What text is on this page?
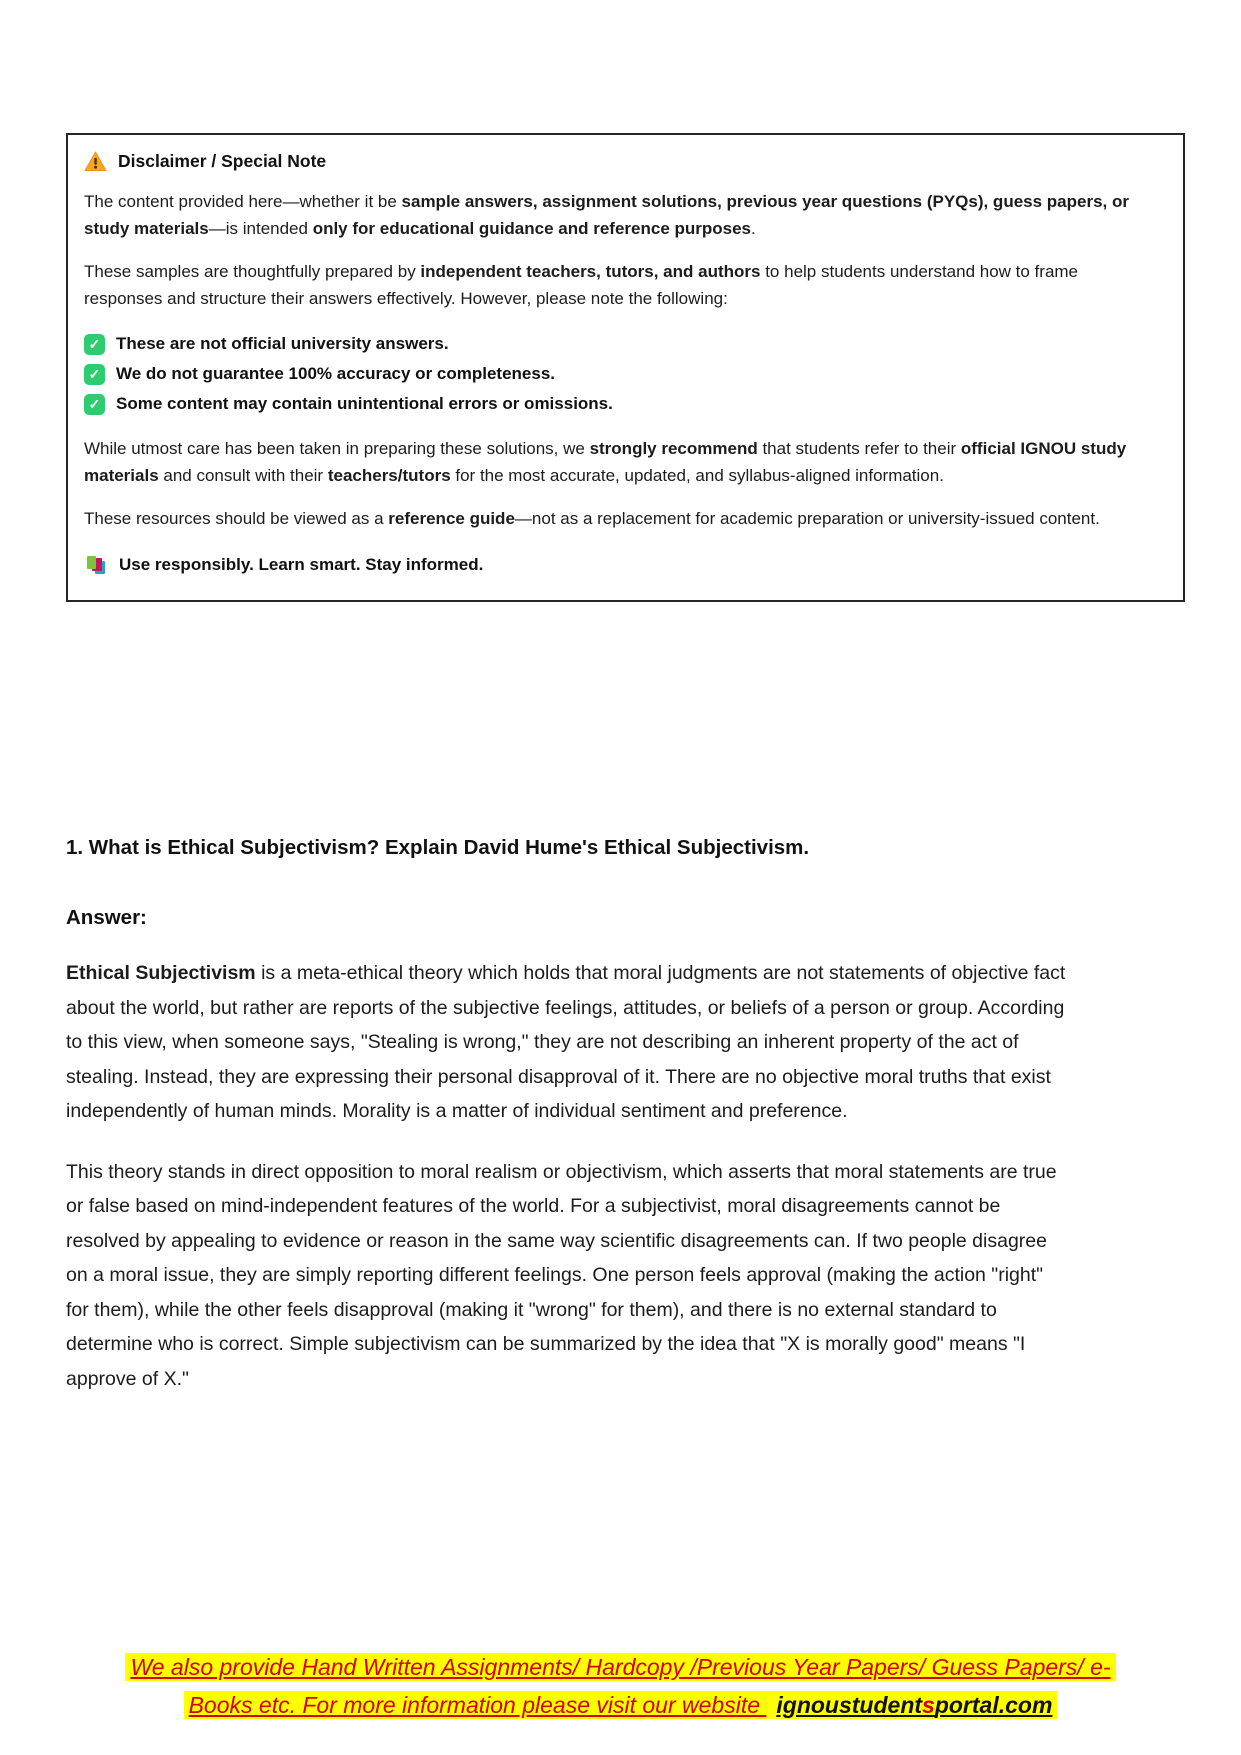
Disclaimer / Special Note
The content provided here—whether it be sample answers, assignment solutions, previous year questions (PYQs), guess papers, or study materials—is intended only for educational guidance and reference purposes.
These samples are thoughtfully prepared by independent teachers, tutors, and authors to help students understand how to frame responses and structure their answers effectively. However, please note the following:
✓ These are not official university answers.
✓ We do not guarantee 100% accuracy or completeness.
✓ Some content may contain unintentional errors or omissions.
While utmost care has been taken in preparing these solutions, we strongly recommend that students refer to their official IGNOU study materials and consult with their teachers/tutors for the most accurate, updated, and syllabus-aligned information.
These resources should be viewed as a reference guide—not as a replacement for academic preparation or university-issued content.
Use responsibly. Learn smart. Stay informed.
1. What is Ethical Subjectivism? Explain David Hume's Ethical Subjectivism.
Answer:
Ethical Subjectivism is a meta-ethical theory which holds that moral judgments are not statements of objective fact about the world, but rather are reports of the subjective feelings, attitudes, or beliefs of a person or group. According to this view, when someone says, "Stealing is wrong," they are not describing an inherent property of the act of stealing. Instead, they are expressing their personal disapproval of it. There are no objective moral truths that exist independently of human minds. Morality is a matter of individual sentiment and preference.
This theory stands in direct opposition to moral realism or objectivism, which asserts that moral statements are true or false based on mind-independent features of the world. For a subjectivist, moral disagreements cannot be resolved by appealing to evidence or reason in the same way scientific disagreements can. If two people disagree on a moral issue, they are simply reporting different feelings. One person feels approval (making the action "right" for them), while the other feels disapproval (making it "wrong" for them), and there is no external standard to determine who is correct. Simple subjectivism can be summarized by the idea that "X is morally good" means "I approve of X."
We also provide Hand Written Assignments/ Hardcopy /Previous Year Papers/ Guess Papers/ e-
Books etc. For more information please visit our website ignoustudentsportal.com
